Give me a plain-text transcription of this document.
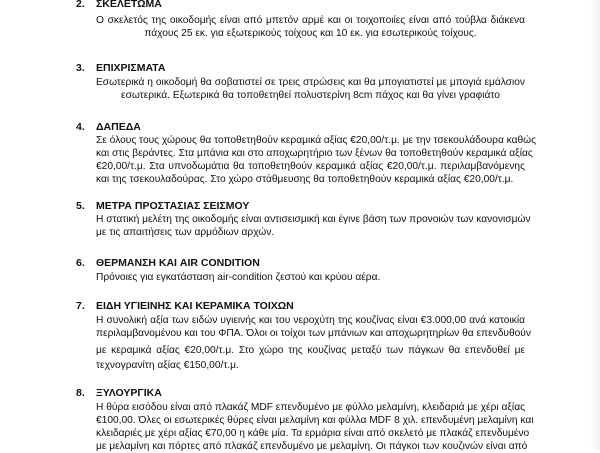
2. ΣΚΕΛΕΤΩΜΑ
Ο σκελετός της οικοδομής είναι από μπετόν αρμέ και οι τοιχοποιίες είναι από τούβλα διάκενα
πάχους 25 εκ. για εξωτερικούς τοίχους και 10 εκ. για εσωτερικούς τοίχους.
3. ΕΠΙΧΡΙΣΜΑΤΑ
Εσωτερικά η οικοδομή θα σοβατιστεί σε τρεις στρώσεις και θα μπογιατιστεί με μπογιά εμάλσιον
εσωτερικά. Εξωτερικά θα τοποθετηθεί πολυστερίνη 8cm πάχος και θα γίνει γραφιάτο
4. ΔΑΠΕΔΑ
Σε όλους τους χώρους θα τοποθετηθούν κεραμικά αξίας €20,00/τ.μ. με την τσεκουλάδουρα καθώς
και στις βεράντες. Στα μπάνια και στο αποχωρητήριο των ξένων θα τοποθετηθούν κεραμικά αξίας
€20,00/τ.μ. Στα υπνοδωμάτια θα τοποθετηθούν κεραμικά αξίας €20,00/τ.μ. περιλαμβανόμενης
και της τσεκουλαδούρας. Στο χώρο στάθμευσης θα τοποθετηθούν κεραμικά αξίας €20,00/τ.μ.
5. ΜΕΤΡΑ ΠΡΟΣΤΑΣΙΑΣ ΣΕΙΣΜΟΥ
Η στατική μελέτη της οικοδομής είναι αντισεισμική και έγινε βάση των προνοιών των κανονισμών
με τις απαιτήσεις των αρμόδιων αρχών.
6. ΘΕΡΜΑΝΣΗ ΚΑΙ AIR CONDITION
Πρόνοιες για εγκατάσταση air-condition ζεστού και κρύου αέρα.
7. ΕΙΔΗ ΥΓΙΕΙΝΗΣ ΚΑΙ ΚΕΡΑΜΙΚΑ ΤΟΙΧΩΝ
Η συνολική αξία των ειδών υγιεινής και του νεροχύτη της κουζίνας είναι €3.000,00 ανά κατοικία
περιλαμβανομένου και του ΦΠΑ. Όλοι οι τοίχοι των μπάνιων και αποχωρητηρίων θα επενδυθούν
με κεραμικά αξίας €20,00/τ.μ. Στο χώρο της κουζίνας μεταξύ των πάγκων θα επενδυθεί με
τεχνογρανίτη αξίας €150,00/τ.μ.
8. ΞΥΛΟΥΡΓΙΚΑ
Η θύρα εισόδου είναι από πλακάζ MDF επενδυμένο με φύλλο μελαμίνη, κλειδαριά με χέρι αξίας
€100,00. Όλες οι εσωτερικές θύρες είναι μελαμίνη και φύλλα MDF 8 χιλ. επενδυμένη μελαμίνη και
κλειδαριές με χέρι αξίας €70,00 η κάθε μία. Τα ερμάρια είναι από σκελετό με πλακάζ επενδυμένο
με μελαμίνη και πόρτες από πλακάζ επενδυμένο με μελαμίνη. Οι πάγκοι των κουζινών είναι από
